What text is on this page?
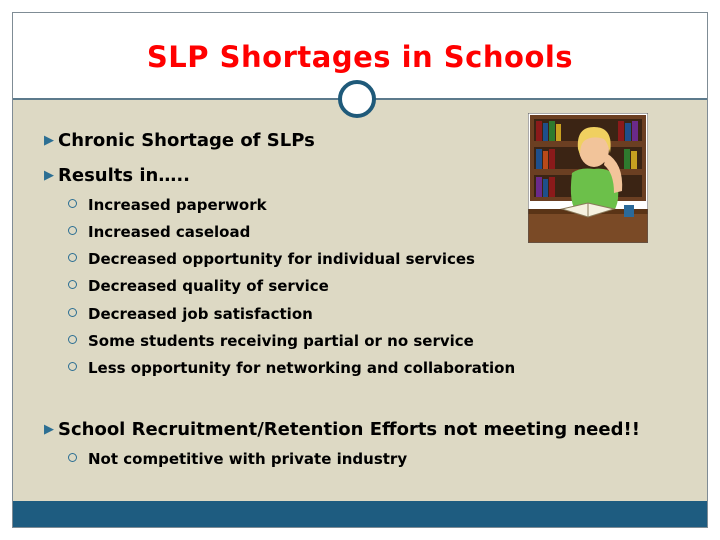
SLP Shortages in Schools
▶ Chronic Shortage of SLPs
▶ Results in…..
Increased paperwork
Increased caseload
Decreased opportunity for individual services
Decreased quality of service
Decreased job satisfaction
Some students receiving partial or no service
Less opportunity for networking and collaboration
▶ School Recruitment/Retention Efforts not meeting need!!
Not competitive with private industry
